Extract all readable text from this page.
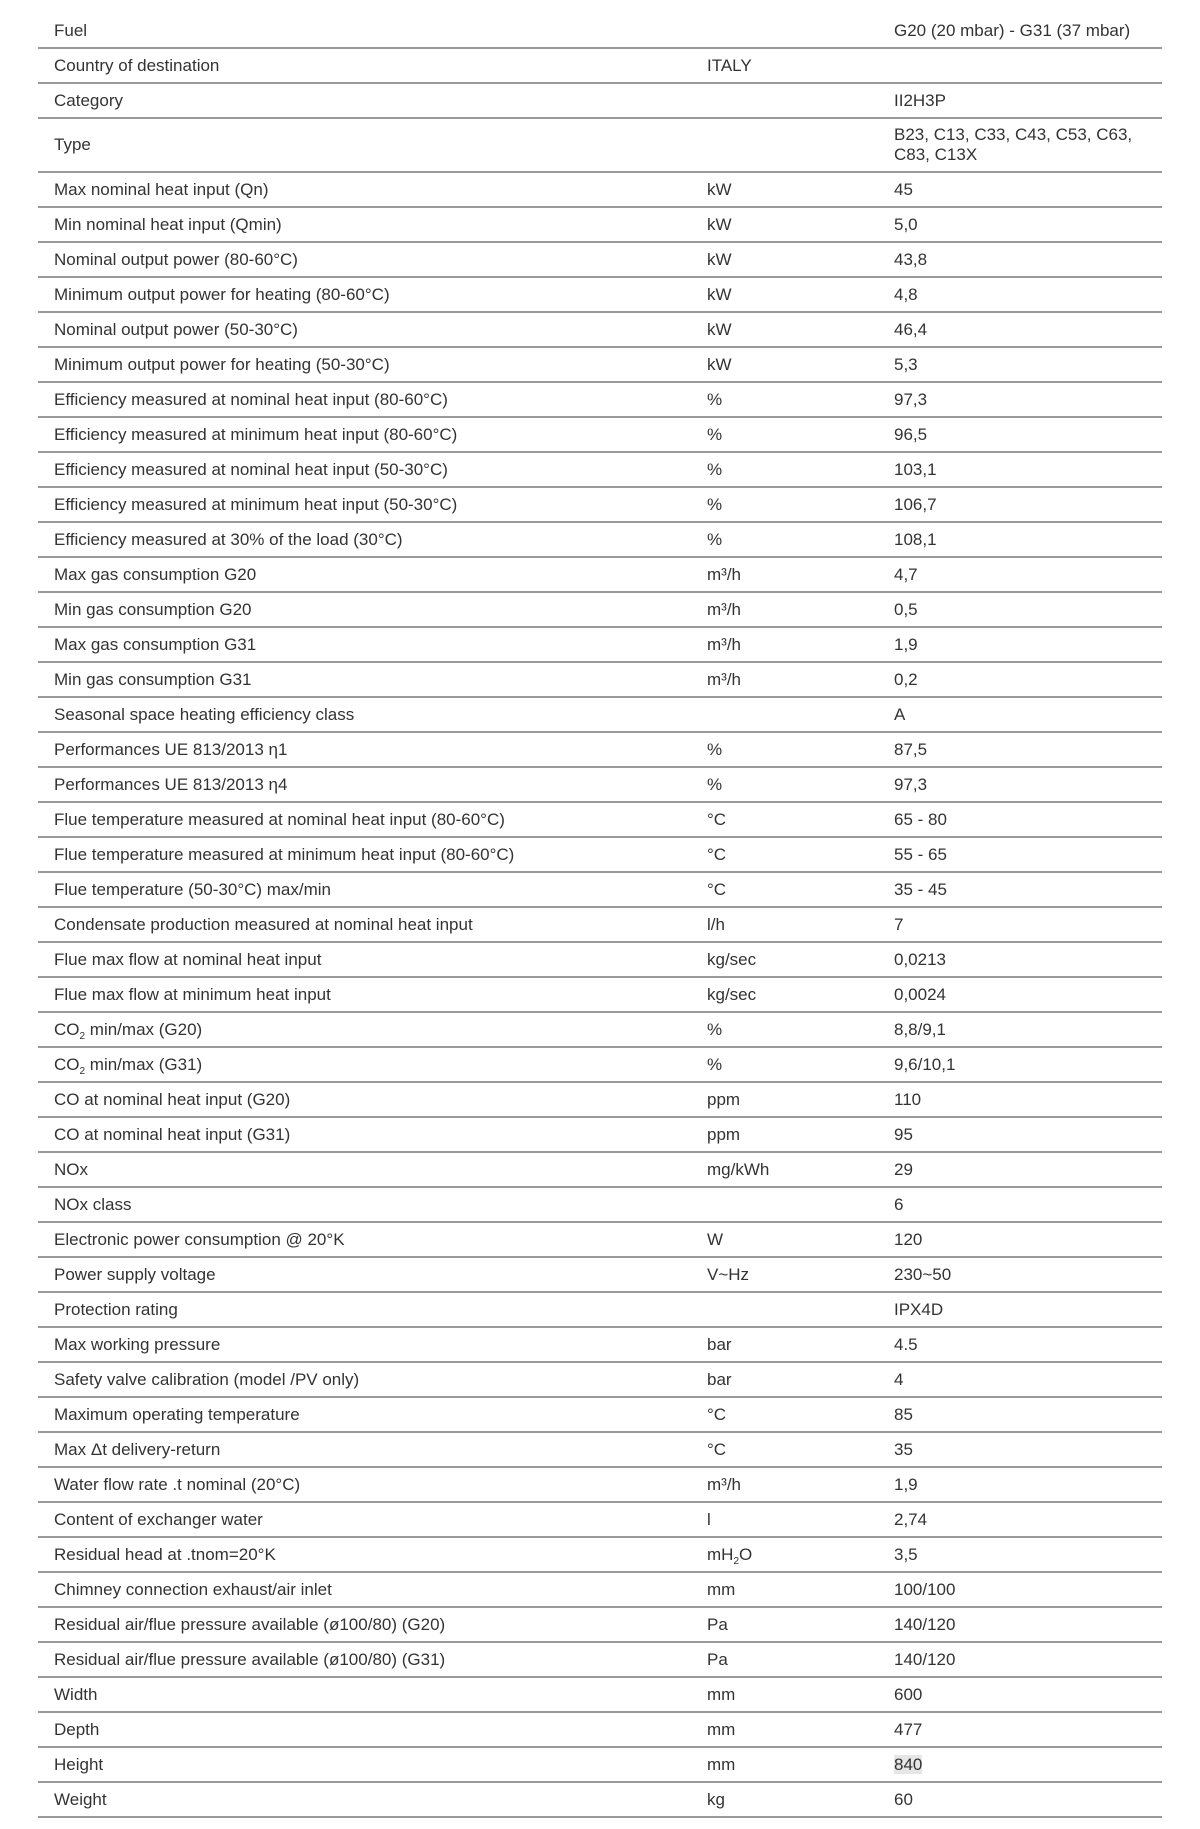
Fuel		G20 (20 mbar) - G31 (37 mbar)
Country of destination	ITALY	
Category		II2H3P
Type		B23, C13, C33, C43, C53, C63, C83, C13X
Max nominal heat input (Qn)	kW	45
Min nominal heat input (Qmin)	kW	5,0
Nominal output power (80-60°C)	kW	43,8
Minimum output power for heating (80-60°C)	kW	4,8
Nominal output power (50-30°C)	kW	46,4
Minimum output power for heating (50-30°C)	kW	5,3
Efficiency measured at nominal heat input (80-60°C)	%	97,3
Efficiency measured at minimum heat input (80-60°C)	%	96,5
Efficiency measured at nominal heat input (50-30°C)	%	103,1
Efficiency measured at minimum heat input (50-30°C)	%	106,7
Efficiency measured at 30% of the load (30°C)	%	108,1
Max gas consumption G20	m³/h	4,7
Min gas consumption G20	m³/h	0,5
Max gas consumption G31	m³/h	1,9
Min gas consumption G31	m³/h	0,2
Seasonal space heating efficiency class		A
Performances UE 813/2013 η1	%	87,5
Performances UE 813/2013 η4	%	97,3
Flue temperature measured at nominal heat input (80-60°C)	°C	65 - 80
Flue temperature measured at minimum heat input (80-60°C)	°C	55 - 65
Flue temperature (50-30°C) max/min	°C	35 - 45
Condensate production measured at nominal heat input	l/h	7
Flue max flow at nominal heat input	kg/sec	0,0213
Flue max flow at minimum heat input	kg/sec	0,0024
$CO_2$ min/max (G20)	%	8,8/9,1
$CO_2$ min/max (G31)	%	9,6/10,1
CO at nominal heat input (G20)	ppm	110
CO at nominal heat input (G31)	ppm	95
NOx	mg/kWh	29
NOx class		6
Electronic power consumption @ 20°K	W	120
Power supply voltage	V~Hz	230~50
Protection rating		IPX4D
Max working pressure	bar	4.5
Safety valve calibration (model /PV only)	bar	4
Maximum operating temperature	°C	85
Max Δt delivery-return	°C	35
Water flow rate .t nominal (20°C)	m³/h	1,9
Content of exchanger water	l	2,74
Residual head at .tnom=20°K	$mH_2O$	3,5
Chimney connection exhaust/air inlet	mm	100/100
Residual air/flue pressure available (ø100/80) (G20)	Pa	140/120
Residual air/flue pressure available (ø100/80) (G31)	Pa	140/120
Width	mm	600
Depth	mm	477
Height	mm	840
Weight	kg	60
